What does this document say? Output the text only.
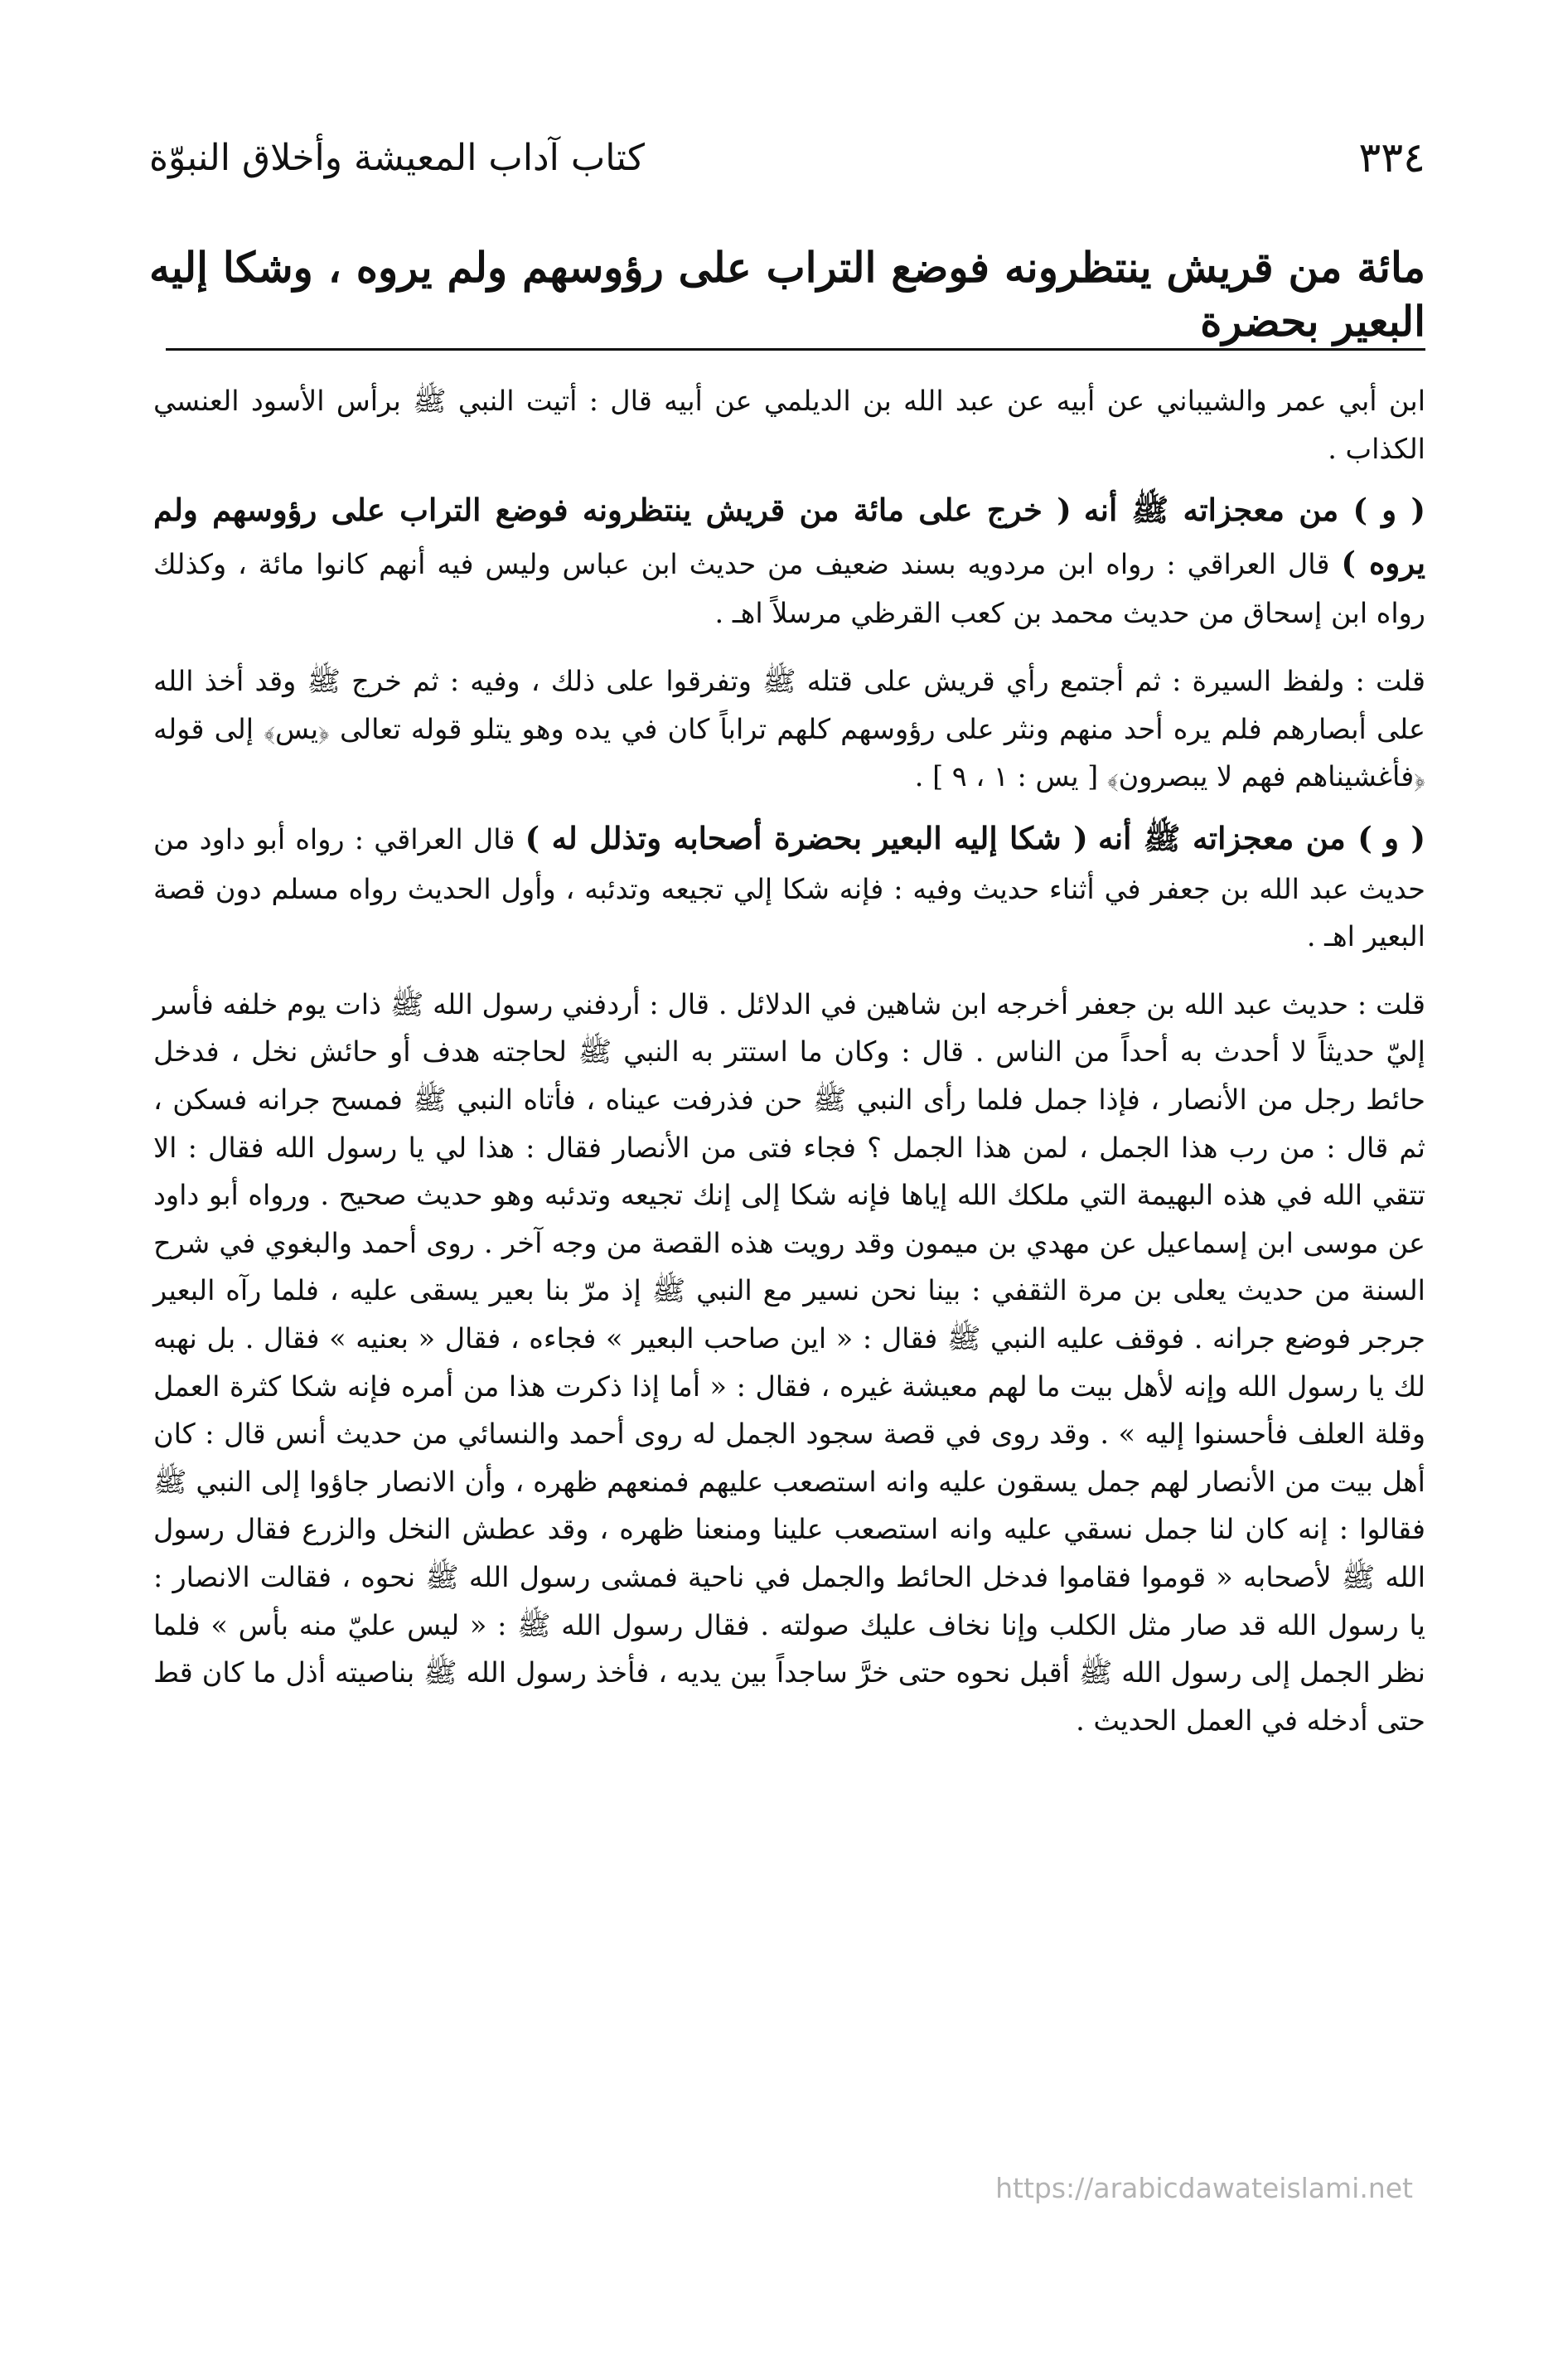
٣٣٤
كتاب آداب المعيشة وأخلاق النبوّة
مائة من قريش ينتظرونه فوضع التراب على رؤوسهم ولم يروه ، وشكا إليه البعير بحضرة

ابن أبي عمر والشيباني عن أبيه عن عبد الله بن الديلمي عن أبيه قال : أتيت النبي ﷺ برأس الأسود العنسي الكذاب .

( و ) من معجزاته ﷺ أنه ( خرج على مائة من قريش ينتظرونه فوضع التراب على رؤوسهم ولم يروه ) قال العراقي : رواه ابن مردويه بسند ضعيف من حديث ابن عباس وليس فيه أنهم كانوا مائة ، وكذلك رواه ابن إسحاق من حديث محمد بن كعب القرظي مرسلاً اهـ .

قلت : ولفظ السيرة : ثم أجتمع رأي قريش على قتله ﷺ وتفرقوا على ذلك ، وفيه : ثم خرج ﷺ وقد أخذ الله على أبصارهم فلم يره أحد منهم ونثر على رؤوسهم كلهم تراباً كان في يده وهو يتلو قوله تعالى ﴿يس﴾ إلى قوله ﴿فأغشيناهم فهم لا يبصرون﴾ [ يس : ١ ، ٩ ] .

( و ) من معجزاته ﷺ أنه ( شكا إليه البعير بحضرة أصحابه وتذلل له ) قال العراقي : رواه أبو داود من حديث عبد الله بن جعفر في أثناء حديث وفيه : فإنه شكا إلي تجيعه وتدئبه ، وأول الحديث رواه مسلم دون قصة البعير اهـ .

قلت : حديث عبد الله بن جعفر أخرجه ابن شاهين في الدلائل . قال : أردفني رسول الله ﷺ ذات يوم خلفه فأسر إليّ حديثاً لا أحدث به أحداً من الناس . قال : وكان ما استتر به النبي ﷺ لحاجته هدف أو حائش نخل ، فدخل حائط رجل من الأنصار ، فإذا جمل فلما رأى النبي ﷺ حن فذرفت عيناه ، فأتاه النبي ﷺ فمسح جرانه فسكن ، ثم قال : من رب هذا الجمل ، لمن هذا الجمل ؟ فجاء فتى من الأنصار فقال : هذا لي يا رسول الله فقال : الا تتقي الله في هذه البهيمة التي ملكك الله إياها فإنه شكا إلى إنك تجيعه وتدئبه وهو حديث صحيح . ورواه أبو داود عن موسى ابن إسماعيل عن مهدي بن ميمون وقد رويت هذه القصة من وجه آخر . روى أحمد والبغوي في شرح السنة من حديث يعلى بن مرة الثقفي : بينا نحن نسير مع النبي ﷺ إذ مرّ بنا بعير يسقى عليه ، فلما رآه البعير جرجر فوضع جرانه . فوقف عليه النبي ﷺ فقال : « اين صاحب البعير » فجاءه ، فقال « بعنيه » فقال . بل نهبه لك يا رسول الله وإنه لأهل بيت ما لهم معيشة غيره ، فقال : « أما إذا ذكرت هذا من أمره فإنه شكا كثرة العمل وقلة العلف فأحسنوا إليه » . وقد روى في قصة سجود الجمل له روى أحمد والنسائي من حديث أنس قال : كان أهل بيت من الأنصار لهم جمل يسقون عليه وانه استصعب عليهم فمنعهم ظهره ، وأن الانصار جاؤوا إلى النبي ﷺ فقالوا : إنه كان لنا جمل نسقي عليه وانه استصعب علينا ومنعنا ظهره ، وقد عطش النخل والزرع فقال رسول الله ﷺ لأصحابه « قوموا فقاموا فدخل الحائط والجمل في ناحية فمشى رسول الله ﷺ نحوه ، فقالت الانصار : يا رسول الله قد صار مثل الكلب وإنا نخاف عليك صولته . فقال رسول الله ﷺ : « ليس عليّ منه بأس » فلما نظر الجمل إلى رسول الله ﷺ أقبل نحوه حتى خرَّ ساجداً بين يديه ، فأخذ رسول الله ﷺ بناصيته أذل ما كان قط حتى أدخله في العمل الحديث .

https://arabicdawateislami.net
